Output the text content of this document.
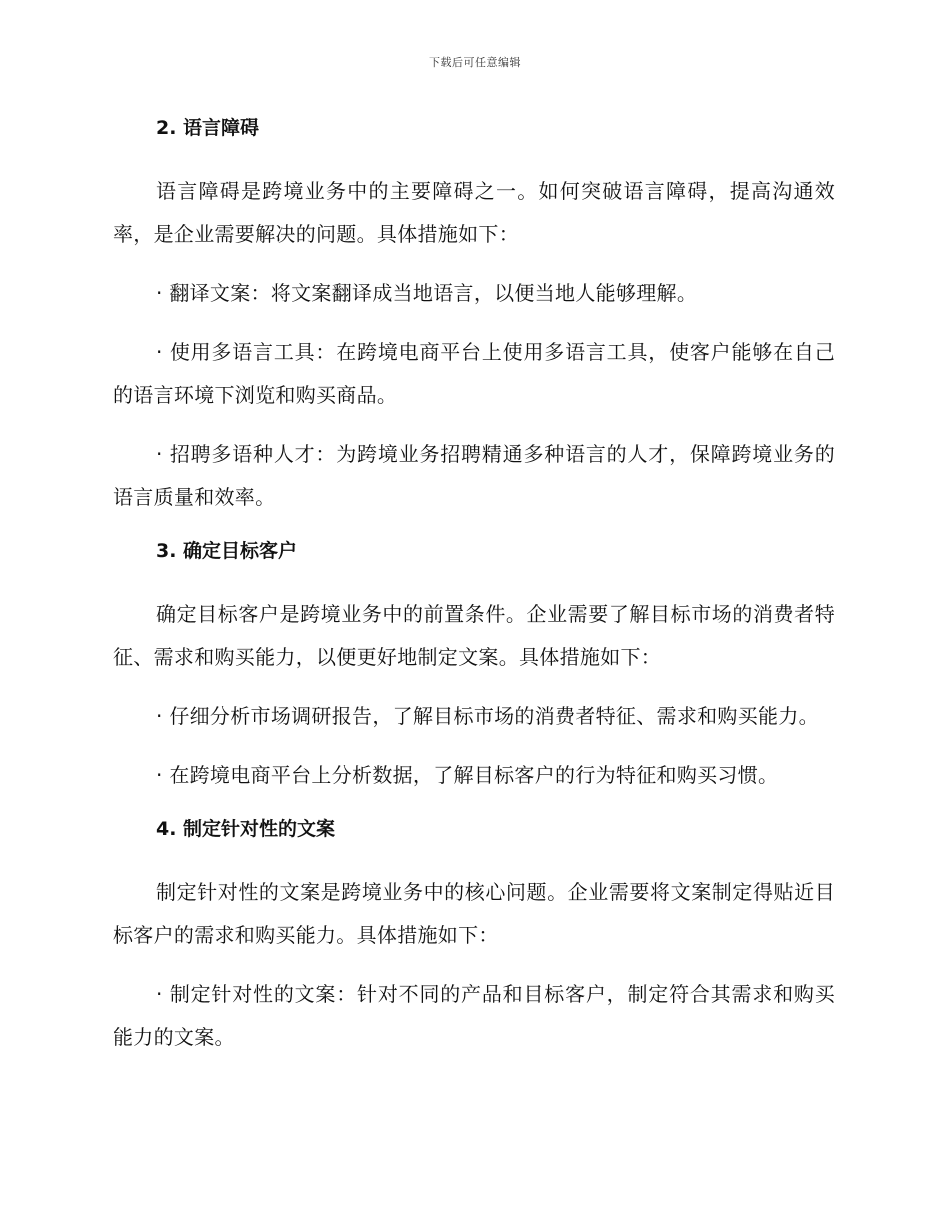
下载后可任意编辑
2. 语言障碍

语言障碍是跨境业务中的主要障碍之一。如何突破语言障碍，提高沟通效率，是企业需要解决的问题。具体措施如下：

· 翻译文案：将文案翻译成当地语言，以便当地人能够理解。

· 使用多语言工具：在跨境电商平台上使用多语言工具，使客户能够在自己的语言环境下浏览和购买商品。

· 招聘多语种人才：为跨境业务招聘精通多种语言的人才，保障跨境业务的语言质量和效率。

3. 确定目标客户

确定目标客户是跨境业务中的前置条件。企业需要了解目标市场的消费者特征、需求和购买能力，以便更好地制定文案。具体措施如下：

· 仔细分析市场调研报告，了解目标市场的消费者特征、需求和购买能力。

· 在跨境电商平台上分析数据，了解目标客户的行为特征和购买习惯。

4. 制定针对性的文案

制定针对性的文案是跨境业务中的核心问题。企业需要将文案制定得贴近目标客户的需求和购买能力。具体措施如下：

· 制定针对性的文案：针对不同的产品和目标客户，制定符合其需求和购买能力的文案。
